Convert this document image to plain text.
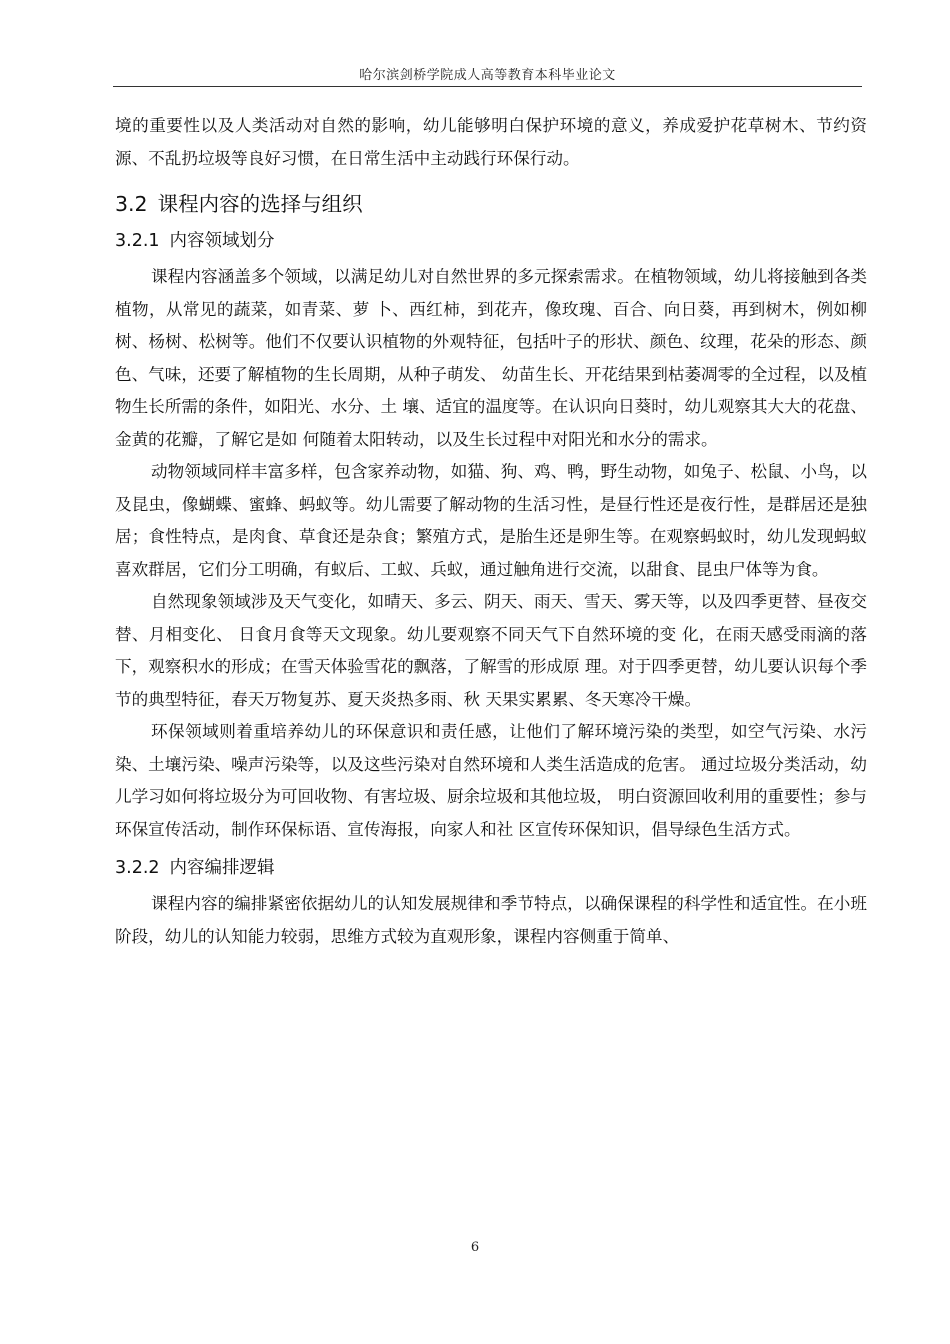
哈尔滨剑桥学院成人高等教育本科毕业论文

境的重要性以及人类活动对自然的影响，幼儿能够明白保护环境的意义，养成爱护花草树木、节约资源、不乱扔垃圾等良好习惯，在日常生活中主动践行环保行动。

3.2 课程内容的选择与组织
3.2.1 内容领域划分

课程内容涵盖多个领域，以满足幼儿对自然世界的多元探索需求。在植物领域，幼儿将接触到各类植物，从常见的蔬菜，如青菜、萝 卜、西红柿，到花卉，像玫瑰、百合、向日葵，再到树木，例如柳树、杨树、松树等。他们不仅要认识植物的外观特征，包括叶子的形状、颜色、纹理，花朵的形态、颜色、气味，还要了解植物的生长周期，从种子萌发、 幼苗生长、开花结果到枯萎凋零的全过程，以及植物生长所需的条件，如阳光、水分、土 壤、适宜的温度等。在认识向日葵时，幼儿观察其大大的花盘、金黄的花瓣，了解它是如 何随着太阳转动，以及生长过程中对阳光和水分的需求。

动物领域同样丰富多样，包含家养动物，如猫、狗、鸡、鸭，野生动物，如兔子、松鼠、小鸟，以及昆虫，像蝴蝶、蜜蜂、蚂蚁等。幼儿需要了解动物的生活习性，是昼行性还是夜行性，是群居还是独居；食性特点，是肉食、草食还是杂食；繁殖方式，是胎生还是卵生等。在观察蚂蚁时，幼儿发现蚂蚁喜欢群居，它们分工明确，有蚁后、工蚁、兵蚁，通过触角进行交流，以甜食、昆虫尸体等为食。

自然现象领域涉及天气变化，如晴天、多云、阴天、雨天、雪天、雾天等，以及四季更替、昼夜交替、月相变化、 日食月食等天文现象。幼儿要观察不同天气下自然环境的变 化，在雨天感受雨滴的落下，观察积水的形成；在雪天体验雪花的飘落，了解雪的形成原 理。对于四季更替，幼儿要认识每个季节的典型特征，春天万物复苏、夏天炎热多雨、秋 天果实累累、冬天寒冷干燥。

环保领域则着重培养幼儿的环保意识和责任感，让他们了解环境污染的类型，如空气污染、水污染、土壤污染、噪声污染等，以及这些污染对自然环境和人类生活造成的危害。 通过垃圾分类活动，幼儿学习如何将垃圾分为可回收物、有害垃圾、厨余垃圾和其他垃圾， 明白资源回收利用的重要性；参与环保宣传活动，制作环保标语、宣传海报，向家人和社 区宣传环保知识，倡导绿色生活方式。

3.2.2 内容编排逻辑

课程内容的编排紧密依据幼儿的认知发展规律和季节特点，以确保课程的科学性和适宜性。在小班阶段，幼儿的认知能力较弱，思维方式较为直观形象，课程内容侧重于简单、

6
